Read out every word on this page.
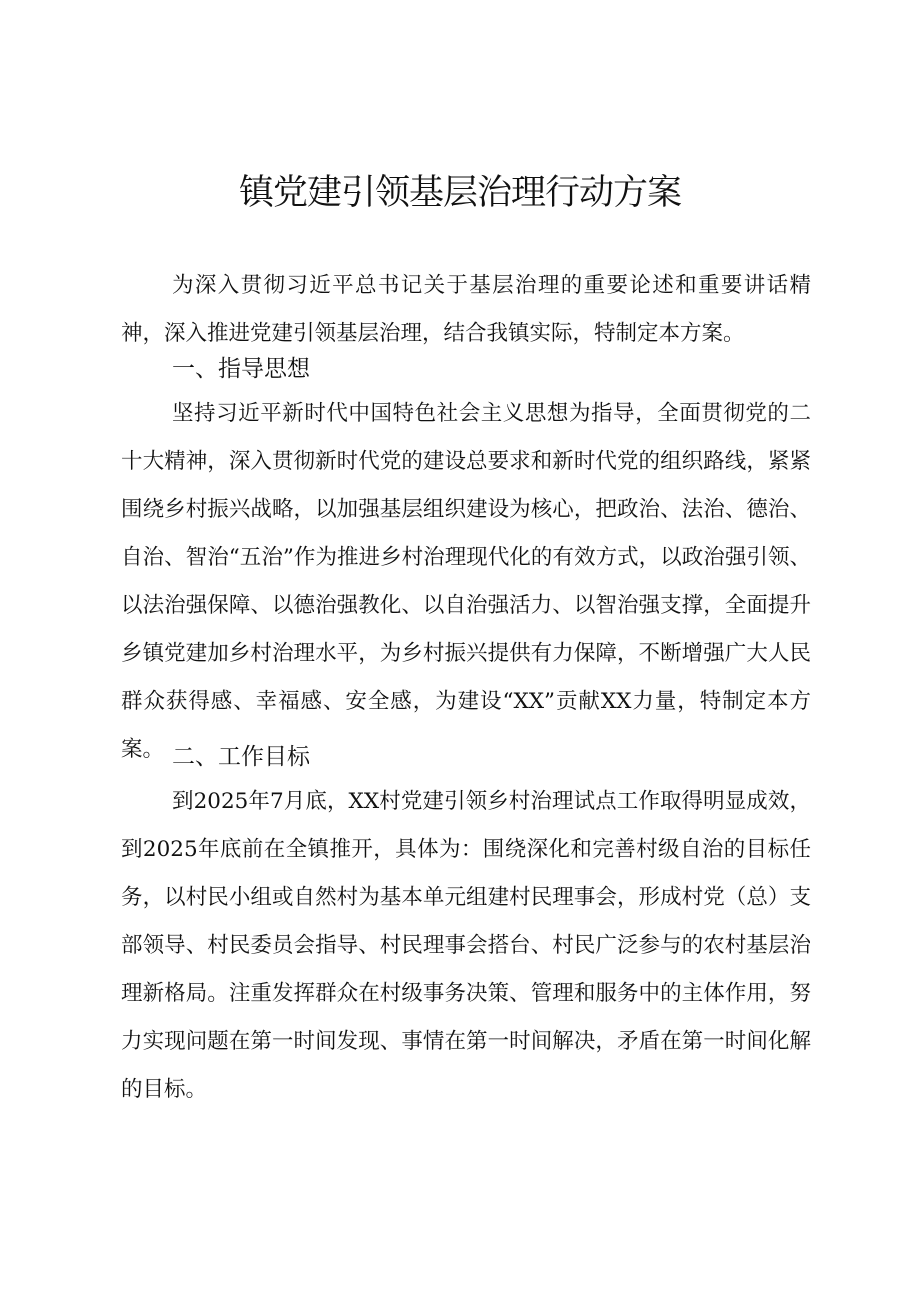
镇党建引领基层治理行动方案
为深入贯彻习近平总书记关于基层治理的重要论述和重要讲话精神，深入推进党建引领基层治理，结合我镇实际，特制定本方案。
一、指导思想
坚持习近平新时代中国特色社会主义思想为指导，全面贯彻党的二十大精神，深入贯彻新时代党的建设总要求和新时代党的组织路线，紧紧围绕乡村振兴战略，以加强基层组织建设为核心，把政治、法治、德治、自治、智治“五治”作为推进乡村治理现代化的有效方式，以政治强引领、以法治强保障、以德治强教化、以自治强活力、以智治强支撑，全面提升乡镇党建加乡村治理水平，为乡村振兴提供有力保障，不断增强广大人民群众获得感、幸福感、安全感，为建设“XX”贡献XX力量，特制定本方案。 二、工作目标
到2025年7月底，XX村党建引领乡村治理试点工作取得明显成效，到2025年底前在全镇推开，具体为：围绕深化和完善村级自治的目标任务，以村民小组或自然村为基本单元组建村民理事会，形成村党（总）支部领导、村民委员会指导、村民理事会搭台、村民广泛参与的农村基层治理新格局。注重发挥群众在村级事务决策、管理和服务中的主体作用，努力实现问题在第一时间发现、事情在第一时间解决，矛盾在第一时间化解的目标。
